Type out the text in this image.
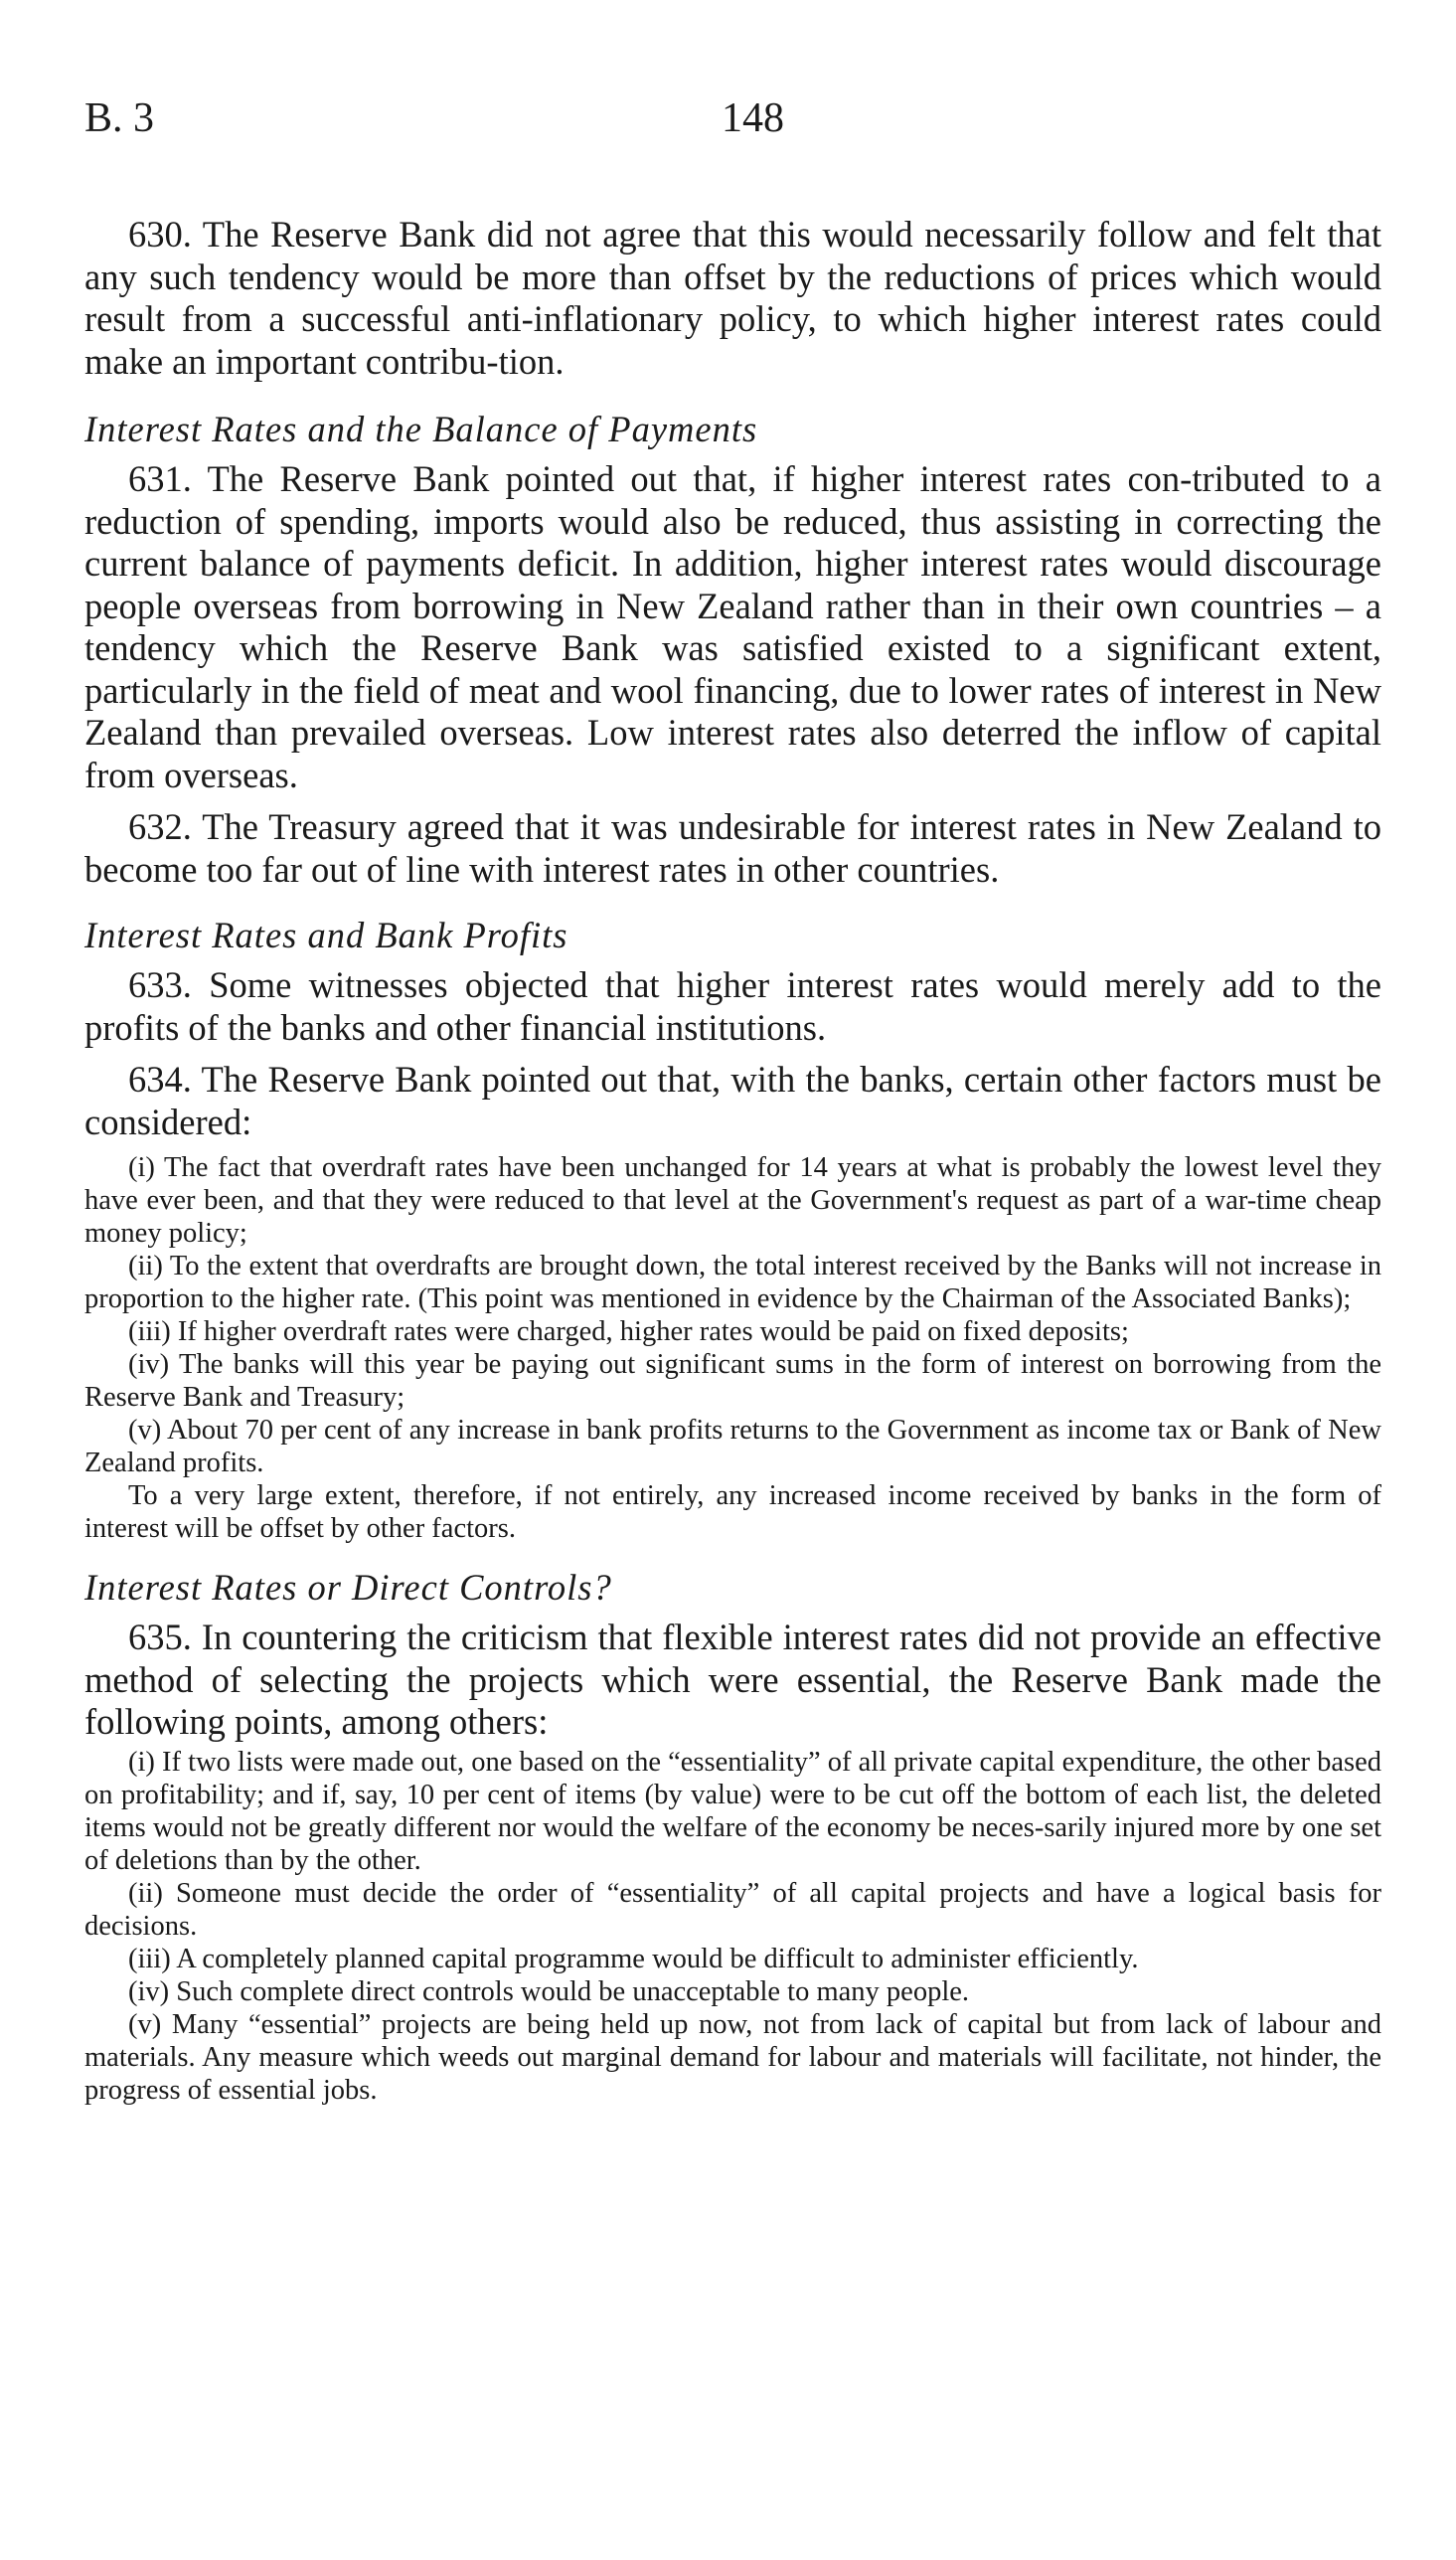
B. 3	148

630. The Reserve Bank did not agree that this would necessarily follow and felt that any such tendency would be more than offset by the reductions of prices which would result from a successful anti-inflationary policy, to which higher interest rates could make an important contribu-tion.

Interest Rates and the Balance of Payments

631. The Reserve Bank pointed out that, if higher interest rates con-tributed to a reduction of spending, imports would also be reduced, thus assisting in correcting the current balance of payments deficit. In addition, higher interest rates would discourage people overseas from borrowing in New Zealand rather than in their own countries – a tendency which the Reserve Bank was satisfied existed to a significant extent, particularly in the field of meat and wool financing, due to lower rates of interest in New Zealand than prevailed overseas. Low interest rates also deterred the inflow of capital from overseas.

632. The Treasury agreed that it was undesirable for interest rates in New Zealand to become too far out of line with interest rates in other countries.

Interest Rates and Bank Profits

633. Some witnesses objected that higher interest rates would merely add to the profits of the banks and other financial institutions.

634. The Reserve Bank pointed out that, with the banks, certain other factors must be considered:

(i) The fact that overdraft rates have been unchanged for 14 years at what is probably the lowest level they have ever been, and that they were reduced to that level at the Government's request as part of a war-time cheap money policy;

(ii) To the extent that overdrafts are brought down, the total interest received by the Banks will not increase in proportion to the higher rate. (This point was mentioned in evidence by the Chairman of the Associated Banks);

(iii) If higher overdraft rates were charged, higher rates would be paid on fixed deposits;

(iv) The banks will this year be paying out significant sums in the form of interest on borrowing from the Reserve Bank and Treasury;

(v) About 70 per cent of any increase in bank profits returns to the Government as income tax or Bank of New Zealand profits.

To a very large extent, therefore, if not entirely, any increased income received by banks in the form of interest will be offset by other factors.

Interest Rates or Direct Controls?

635. In countering the criticism that flexible interest rates did not provide an effective method of selecting the projects which were essential, the Reserve Bank made the following points, among others:

(i) If two lists were made out, one based on the “essentiality” of all private capital expenditure, the other based on profitability; and if, say, 10 per cent of items (by value) were to be cut off the bottom of each list, the deleted items would not be greatly different nor would the welfare of the economy be neces-sarily injured more by one set of deletions than by the other.

(ii) Someone must decide the order of “essentiality” of all capital projects and have a logical basis for decisions.

(iii) A completely planned capital programme would be difficult to administer efficiently.

(iv) Such complete direct controls would be unacceptable to many people.

(v) Many “essential” projects are being held up now, not from lack of capital but from lack of labour and materials. Any measure which weeds out marginal demand for labour and materials will facilitate, not hinder, the progress of essential jobs.
